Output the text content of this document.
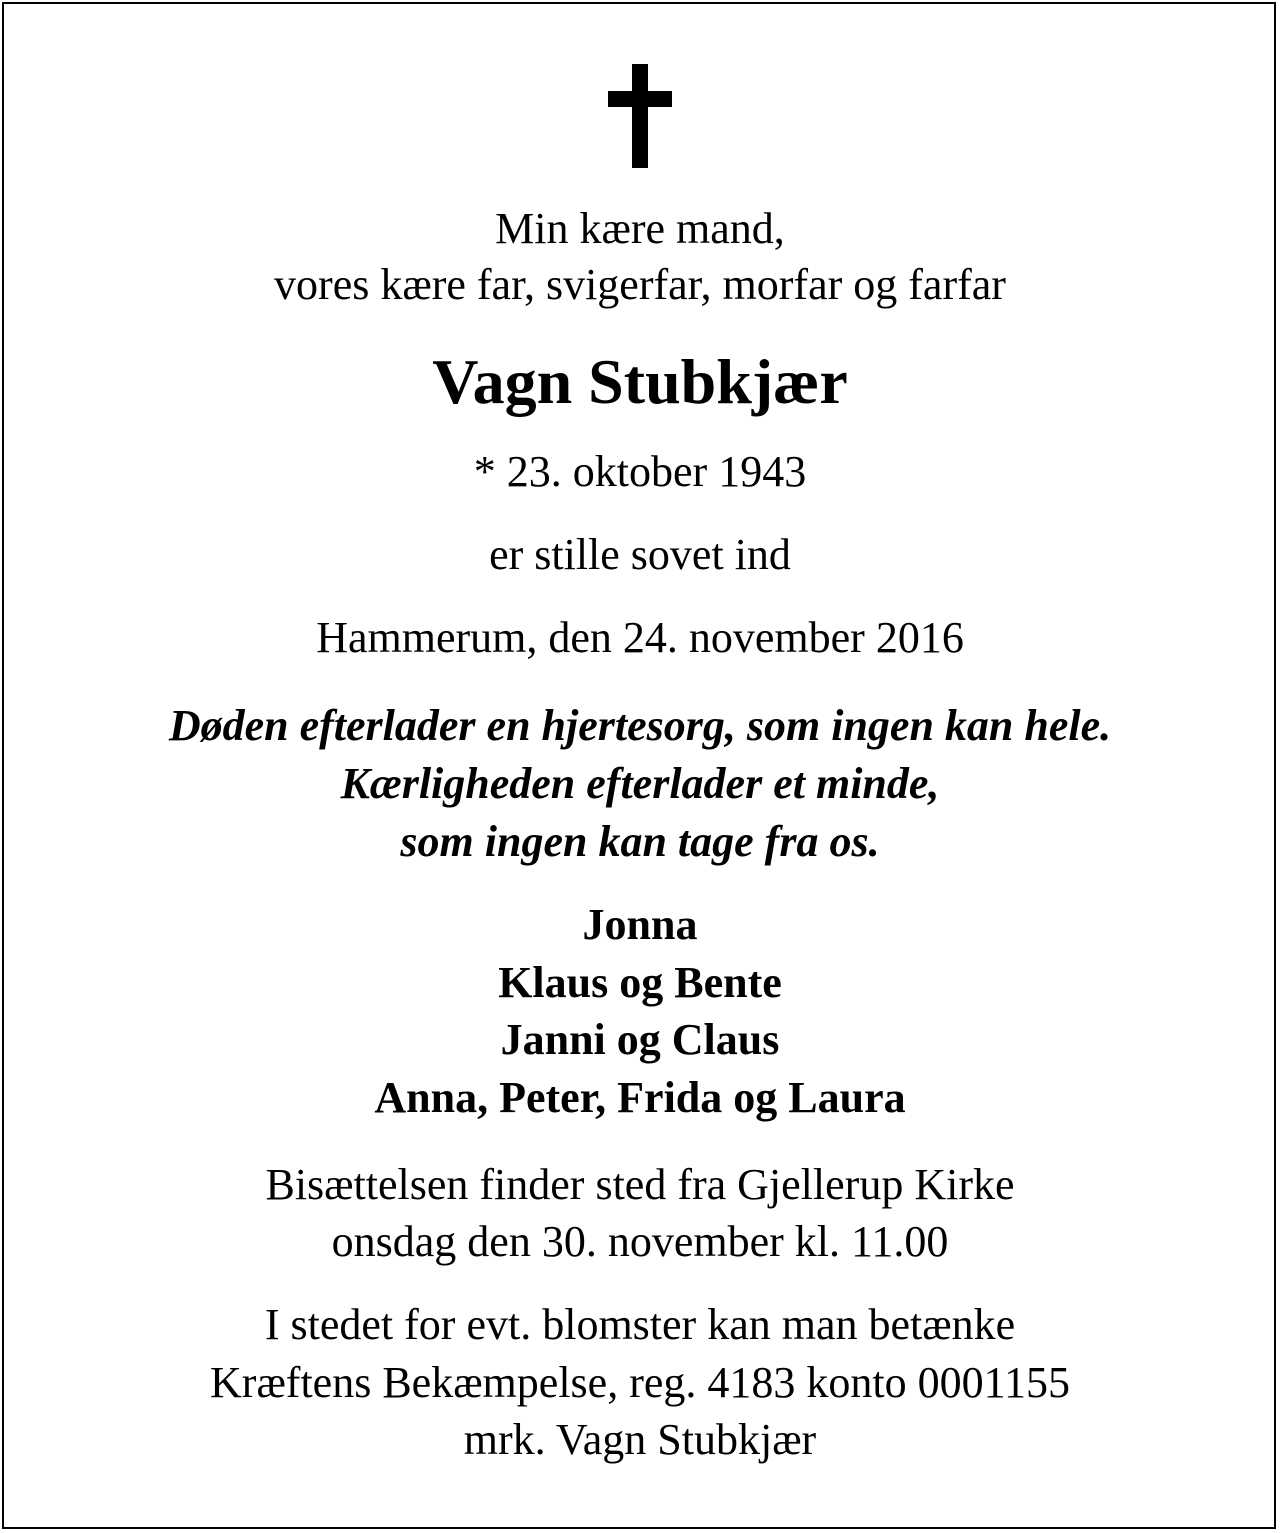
Min kære mand,

vores kære far, svigerfar, morfar og farfar

Vagn Stubkjær

* 23. oktober 1943

er stille sovet ind

Hammerum, den 24. november 2016

Døden efterlader en hjertesorg, som ingen kan hele.

Kærligheden efterlader et minde,

som ingen kan tage fra os.

Jonna

Klaus og Bente

Janni og Claus

Anna, Peter, Frida og Laura

Bisættelsen finder sted fra Gjellerup Kirke

onsdag den 30. november kl. 11.00

I stedet for evt. blomster kan man betænke

Kræftens Bekæmpelse, reg. 4183 konto 0001155

mrk. Vagn Stubkjær
